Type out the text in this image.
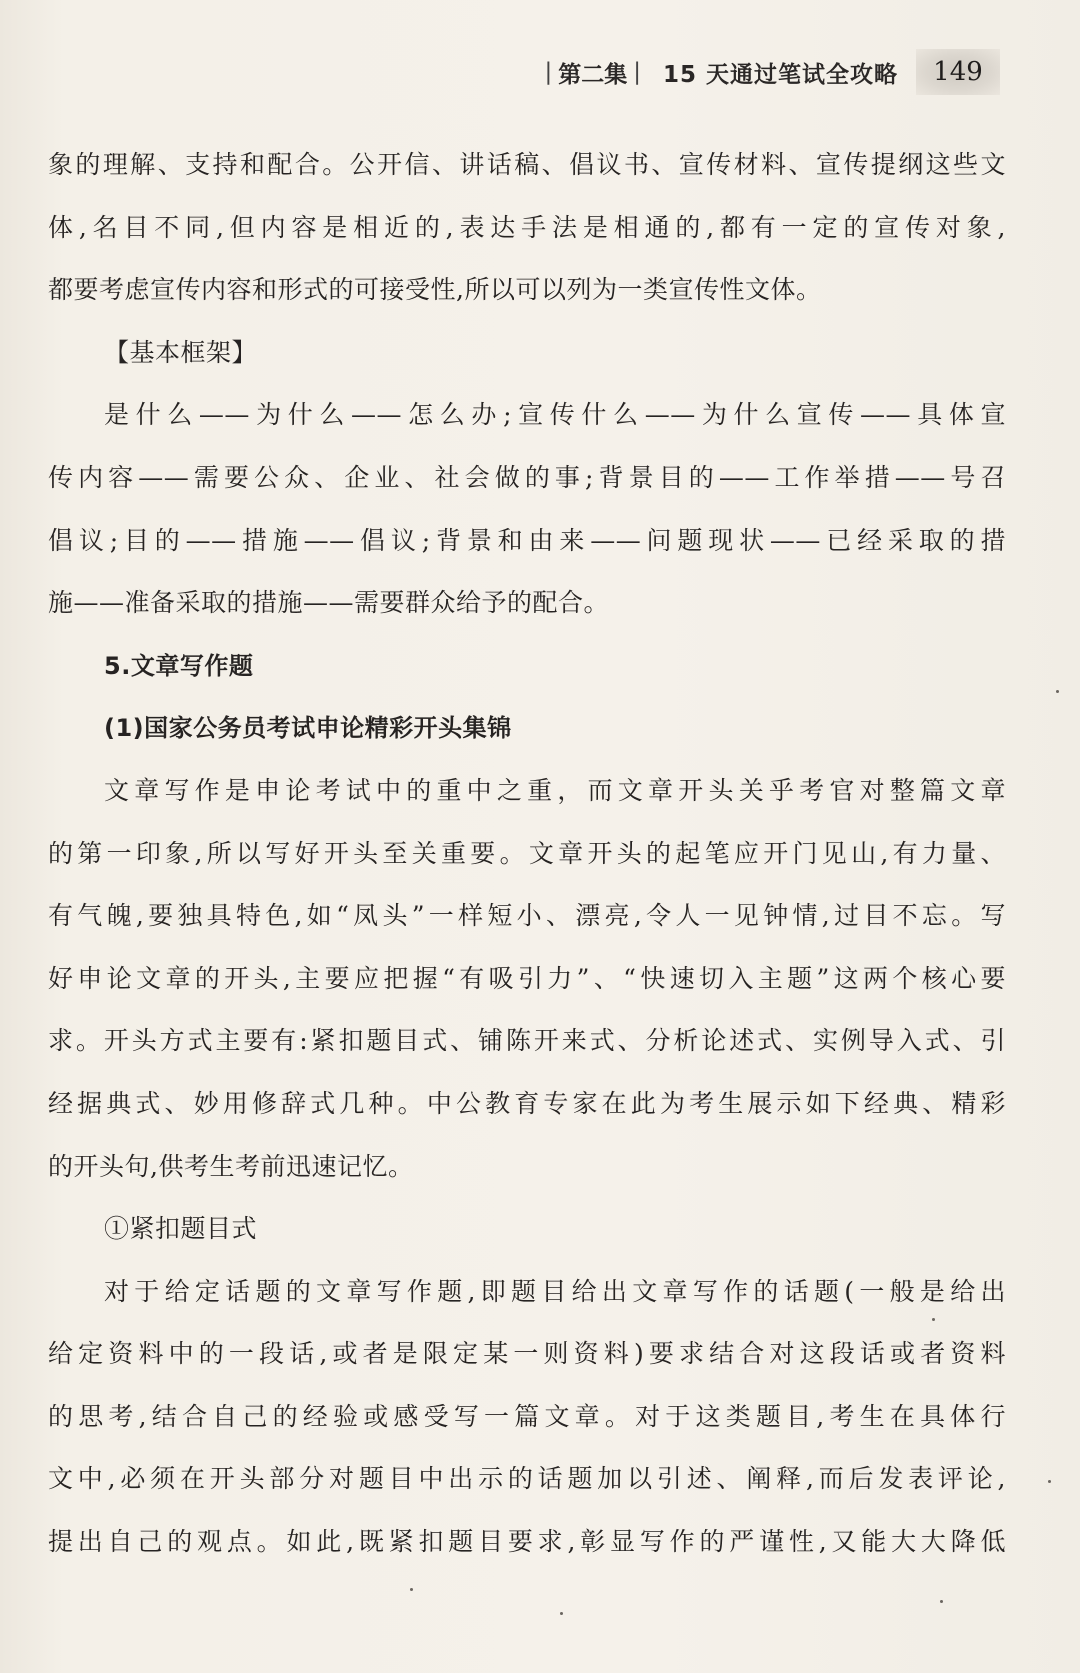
| 第二集 | 15 天通过笔试全攻略	149
象的理解、支持和配合。公开信、讲话稿、倡议书、宣传材料、宣传提纲这些文
体,名目不同,但内容是相近的,表达手法是相通的,都有一定的宣传对象,
都要考虑宣传内容和形式的可接受性,所以可以列为一类宣传性文体。
【基本框架】
是什么——为什么——怎么办;宣传什么——为什么宣传——具体宣
传内容——需要公众、企业、社会做的事;背景目的——工作举措——号召
倡议;目的——措施——倡议;背景和由来——问题现状——已经采取的措
施——准备采取的措施——需要群众给予的配合。
5.文章写作题
(1)国家公务员考试申论精彩开头集锦
文章写作是申论考试中的重中之重，而文章开头关乎考官对整篇文章
的第一印象,所以写好开头至关重要。文章开头的起笔应开门见山,有力量、
有气魄,要独具特色,如“凤头”一样短小、漂亮,令人一见钟情,过目不忘。写
好申论文章的开头,主要应把握“有吸引力”、“快速切入主题”这两个核心要
求。开头方式主要有:紧扣题目式、铺陈开来式、分析论述式、实例导入式、引
经据典式、妙用修辞式几种。中公教育专家在此为考生展示如下经典、精彩
的开头句,供考生考前迅速记忆。
①紧扣题目式
对于给定话题的文章写作题,即题目给出文章写作的话题(一般是给出
给定资料中的一段话,或者是限定某一则资料)要求结合对这段话或者资料
的思考,结合自己的经验或感受写一篇文章。对于这类题目,考生在具体行
文中,必须在开头部分对题目中出示的话题加以引述、阐释,而后发表评论,
提出自己的观点。如此,既紧扣题目要求,彰显写作的严谨性,又能大大降低
